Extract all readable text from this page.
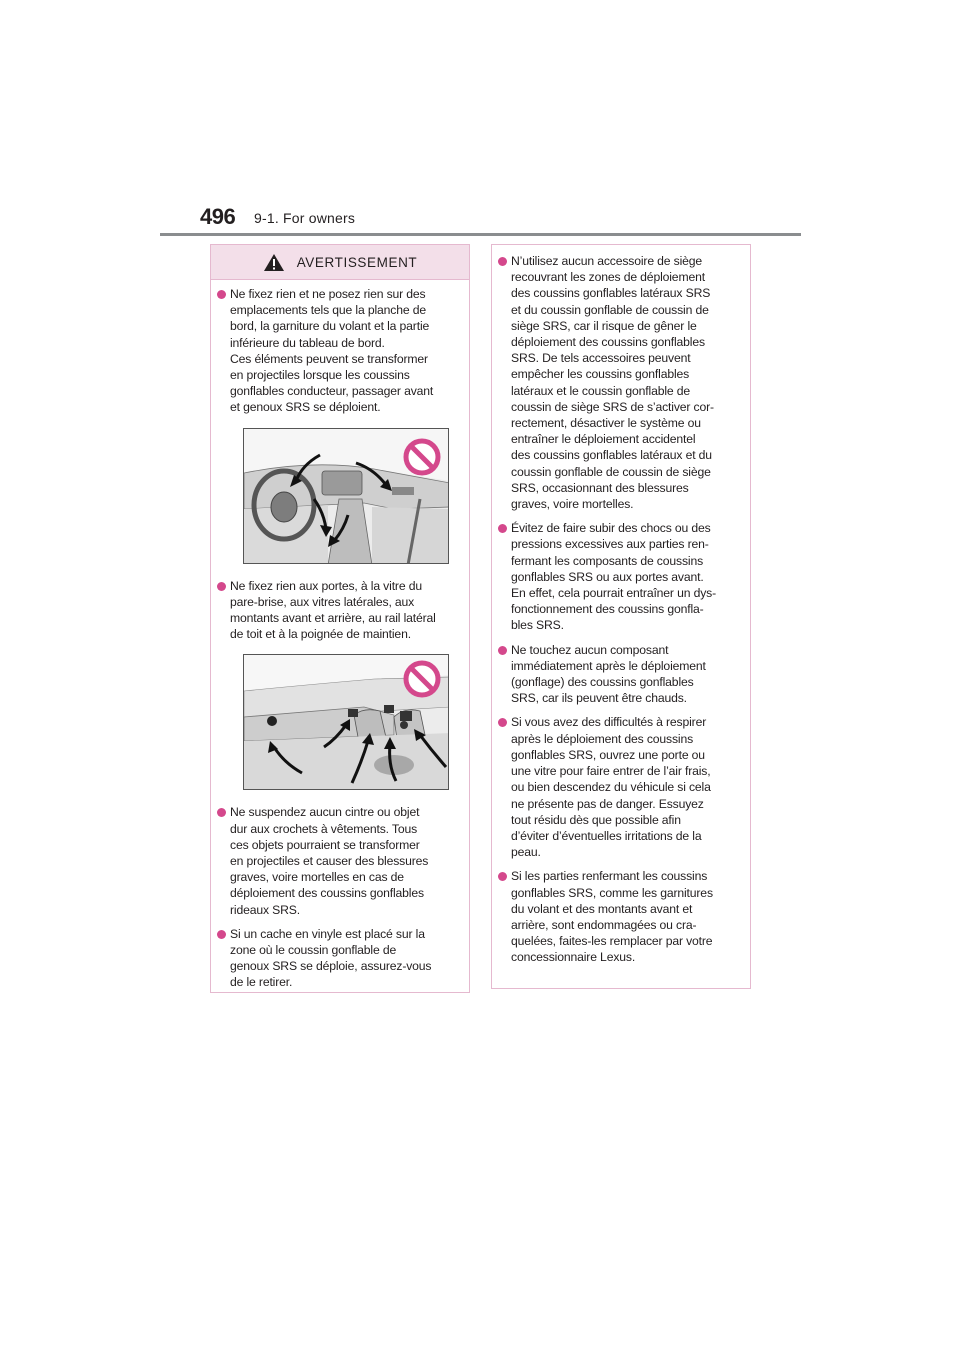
496 9-1. For owners
AVERTISSEMENT
Ne fixez rien et ne posez rien sur des
emplacements tels que la planche de
bord, la garniture du volant et la partie
inférieure du tableau de bord.
Ces éléments peuvent se transformer
en projectiles lorsque les coussins
gonflables conducteur, passager avant
et genoux SRS se déploient.
Ne fixez rien aux portes, à la vitre du
pare-brise, aux vitres latérales, aux
montants avant et arrière, au rail latéral
de toit et à la poignée de maintien.
Ne suspendez aucun cintre ou objet
dur aux crochets à vêtements. Tous
ces objets pourraient se transformer
en projectiles et causer des blessures
graves, voire mortelles en cas de
déploiement des coussins gonflables
rideaux SRS.
Si un cache en vinyle est placé sur la
zone où le coussin gonflable de
genoux SRS se déploie, assurez-vous
de le retirer.
N’utilisez aucun accessoire de siège
recouvrant les zones de déploiement
des coussins gonflables latéraux SRS
et du coussin gonflable de coussin de
siège SRS, car il risque de gêner le
déploiement des coussins gonflables
SRS. De tels accessoires peuvent
empêcher les coussins gonflables
latéraux et le coussin gonflable de
coussin de siège SRS de s’activer cor-
rectement, désactiver le système ou
entraîner le déploiement accidentel
des coussins gonflables latéraux et du
coussin gonflable de coussin de siège
SRS, occasionnant des blessures
graves, voire mortelles.
Évitez de faire subir des chocs ou des
pressions excessives aux parties ren-
fermant les composants de coussins
gonflables SRS ou aux portes avant.
En effet, cela pourrait entraîner un dys-
fonctionnement des coussins gonfla-
bles SRS.
Ne touchez aucun composant
immédiatement après le déploiement
(gonflage) des coussins gonflables
SRS, car ils peuvent être chauds.
Si vous avez des difficultés à respirer
après le déploiement des coussins
gonflables SRS, ouvrez une porte ou
une vitre pour faire entrer de l’air frais,
ou bien descendez du véhicule si cela
ne présente pas de danger. Essuyez
tout résidu dès que possible afin
d’éviter d’éventuelles irritations de la
peau.
Si les parties renfermant les coussins
gonflables SRS, comme les garnitures
du volant et des montants avant et
arrière, sont endommagées ou cra-
quelées, faites-les remplacer par votre
concessionnaire Lexus.
